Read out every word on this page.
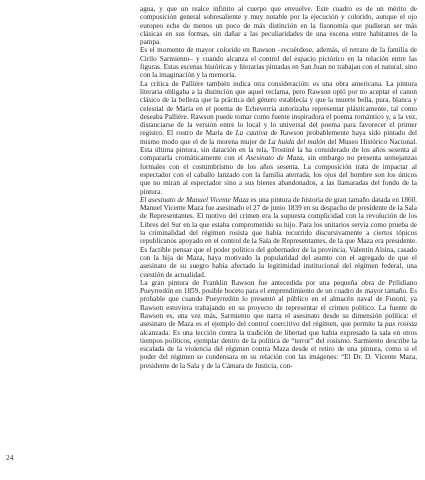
agua, y que un realce infinito al cuerpo que envuelve. Este cuadro es de un mérito de composición general sobresaliente y muy notable por la ejecución y colorido, aunque el ojo europeo eche de menos un poco de más distinción en la fisonomía que pudieran ser más clásicas en sus formas, sin dañar a las peculiaridades de una escena entre habitantes de la pampa.

Es el momento de mayor colorido en Rawson –recuérdese, además, el retrato de la familia de Cirilo Sarmiento– y cuando alcanza el control del espacio pictórico en la relación entre las figuras. Estas escenas históricas y literarias pintadas en San Juan no trabajan con el natural, sino con la imaginación y la memoria.

La crítica de Pallière también indica otra consideración: es una obra americana. La pintura literaria obligaba a la distinción que aquel reclama, pero Rawson optó por no aceptar el canon clásico de la belleza que la práctica del género establecía y que la muerte bella, pura, blanca y celestial de María en el poema de Echeverría autorizaba representar plásticamente, tal como deseaba Pallière. Rawson puede tomar como fuente inspiradora el poema romántico y, a la vez, distanciarse de la versión entre lo local y lo universal del poema para favorecer el primer registro. El rostro de María de La cautiva de Rawson probablemente haya sido pintado del mismo modo que el de la morena mujer de La huida del malón del Museo Histórico Nacional. Esta última pintura, sin datación en la tela, Trostiné la ha considerado de los años sesenta al compararla cromáticamente con el Asesinato de Maza, sin embargo no presenta semejanzas formales con el costumbrismo de los años sesenta. La composición trata de impactar al espectador con el caballo lanzado con la familia aterrada, los ojos del hombre son los únicos que no miran al espectador sino a sus bienes abandonados, a las llamaradas del fondo de la pintura.

El asesinato de Manuel Vicente Maza es una pintura de historia de gran tamaño datada en 1860. Manuel Vicente Maza fue asesinado el 27 de junio 1839 en su despacho de presidente de la Sala de Representantes. El motivo del crimen era la supuesta complicidad con la revolución de los Libres del Sur en la que estaba comprometido su hijo. Para los unitarios servía como prueba de la criminalidad del régimen rosista que había recurrido discursivamente a ciertos tópicos republicanos apoyado en el control de la Sala de Representantes, de la que Maza era presidente. Es factible pensar que el poder político del gobernador de la provincia, Valentín Alsina, casado con la hija de Maza, haya motivado la popularidad del asunto con el agregado de que el asesinato de su suegro había afectado la legitimidad institucional del régimen federal, una cuestión de actualidad.

La gran pintura de Franklin Rawson fue antecedida por una pequeña obra de Prilidiano Pueyrredón en 1859, posible boceto para el emprendimiento de un cuadro de mayor tamaño. Es probable que cuando Pueyrredón lo presentó al público en el almacén naval de Fusoni, ya Rawson estuviera trabajando en su proyecto de representar el crimen político. La fuente de Rawson es, una vez más, Sarmiento que narra el asesinato desde su dimensión política: el asesinato de Maza es el ejemplo del control coercitivo del régimen, que permite la pax rosista alcanzada. Es una lección contra la tradición de libertad que había expresado la sala en otros tiempos políticos, ejemplar dentro de la política de “terror” del rosismo. Sarmiento describe la escalada de la violencia del régimen contra Maza desde el retiro de una pintura, como si el poder del régimen se condensara en su relación con las imágenes: “El Dr. D. Vicente Maza, presidente de la Sala y de la Cámara de Justicia, con-

24
